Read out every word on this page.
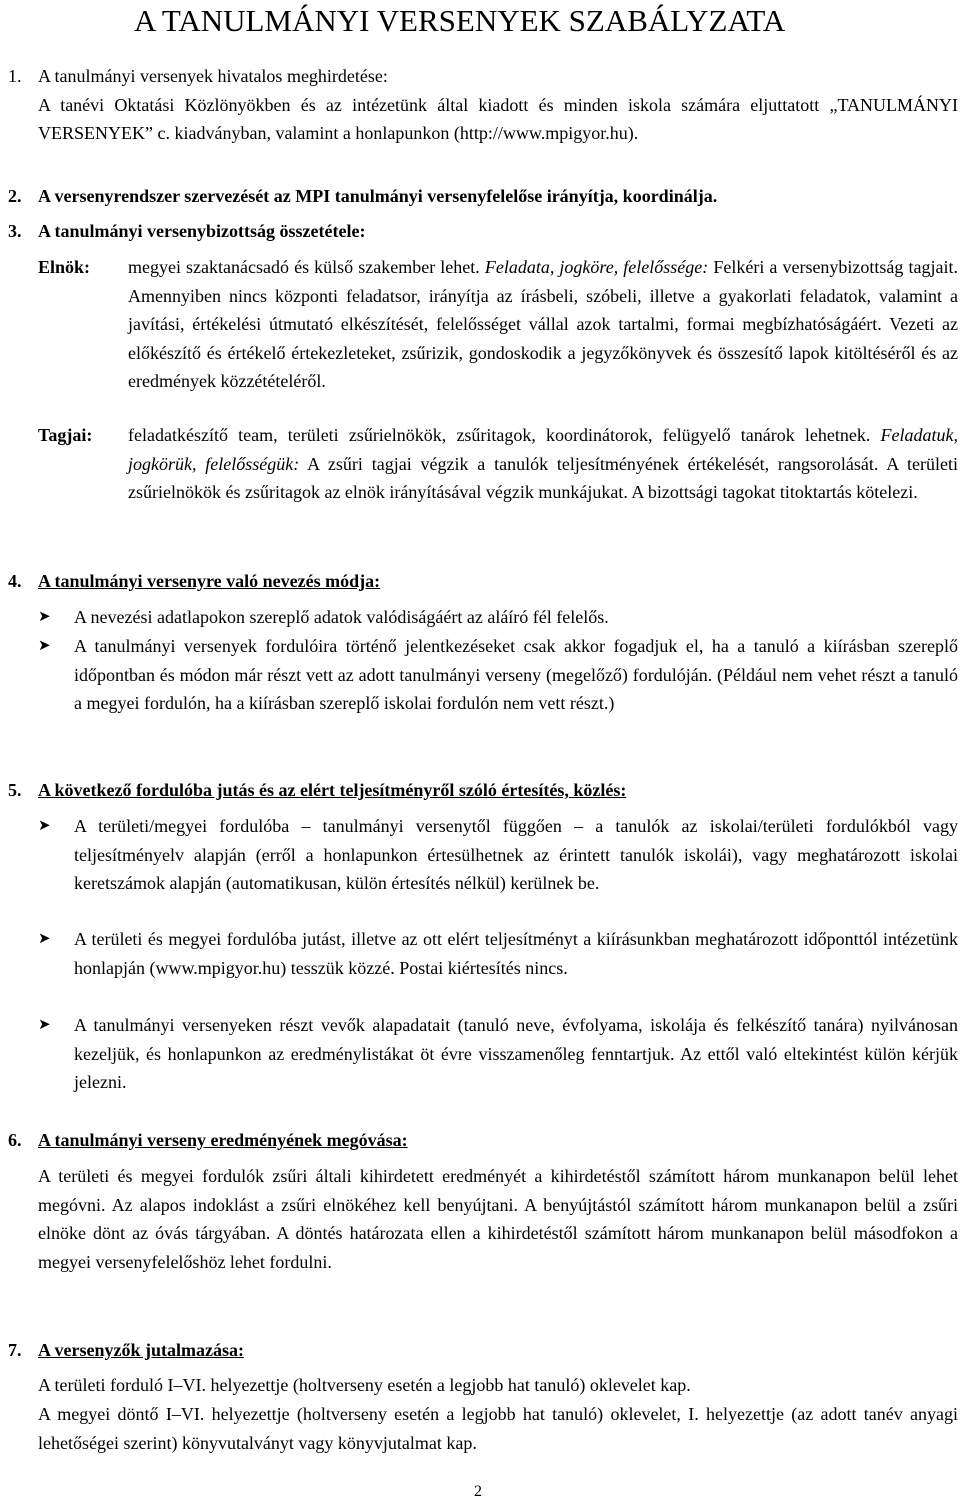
A TANULMÁNYI VERSENYEK SZABÁLYZATA
1. A tanulmányi versenyek hivatalos meghirdetése:
A tanévi Oktatási Közlönyökben és az intézetünk által kiadott és minden iskola számára eljuttatott „TANULMÁNYI VERSENYEK” c. kiadványban, valamint a honlapunkon (http://www.mpigyor.hu).
2. A versenyrendszer szervezését az MPI tanulmányi versenyfelelőse irányítja, koordinálja.
3. A tanulmányi versenybizottság összetétele:
Elnök:	megyei szaktanácsadó és külső szakember lehet. Feladata, jogköre, felelőssége: Felkéri a versenybizottság tagjait. Amennyiben nincs központi feladatsor, irányítja az írásbeli, szóbeli, illetve a gyakorlati feladatok, valamint a javítási, értékelési útmutató elkészítését, felelősséget vállal azok tartalmi, formai megbízhatóságáért. Vezeti az előkészítő és értékelő értekezleteket, zsűrizik, gondoskodik a jegyzőkönyvek és összesítő lapok kitöltéséről és az eredmények közzétételéről.
Tagjai:	feladatkészítő team, területi zsűrielnökök, zsűritagok, koordinátorok, felügyelő tanárok lehetnek. Feladatuk, jogkörük, felelősségük: A zsűri tagjai végzik a tanulók teljesítményének értékelését, rangsorolását. A területi zsűrielnökök és zsűritagok az elnök irányításával végzik munkájukat. A bizottsági tagokat titoktartás kötelezi.
4. A tanulmányi versenyre való nevezés módja:
➤	A nevezési adatlapokon szereplő adatok valódiságáért az aláíró fél felelős.
➤	A tanulmányi versenyek fordulóira történő jelentkezéseket csak akkor fogadjuk el, ha a tanuló a kiírásban szereplő időpontban és módon már részt vett az adott tanulmányi verseny (megelőző) fordulóján. (Például nem vehet részt a tanuló a megyei fordulón, ha a kiírásban szereplő iskolai fordulón nem vett részt.)
5. A következő fordulóba jutás és az elért teljesítményről szóló értesítés, közlés:
➤	A területi/megyei fordulóba – tanulmányi versenytől függően – a tanulók az iskolai/területi fordulókból vagy teljesítményelv alapján (erről a honlapunkon értesülhetnek az érintett tanulók iskolái), vagy meghatározott iskolai keretszámok alapján (automatikusan, külön értesítés nélkül) kerülnek be.
➤	A területi és megyei fordulóba jutást, illetve az ott elért teljesítményt a kiírásunkban meghatározott időponttól intézetünk honlapján (www.mpigyor.hu) tesszük közzé. Postai kiértesítés nincs.
➤	A tanulmányi versenyeken részt vevők alapadatait (tanuló neve, évfolyama, iskolája és felkészítő tanára) nyilvánosan kezeljük, és honlapunkon az eredménylistákat öt évre visszamenőleg fenntartjuk. Az ettől való eltekintést külön kérjük jelezni.
6. A tanulmányi verseny eredményének megóvása:
A területi és megyei fordulók zsűri általi kihirdetett eredményét a kihirdetéstől számított három munkanapon belül lehet megóvni. Az alapos indoklást a zsűri elnökéhez kell benyújtani. A benyújtástól számított három munkanapon belül a zsűri elnöke dönt az óvás tárgyában. A döntés határozata ellen a kihirdetéstől számított három munkanapon belül másodfokon a megyei versenyfelelőshöz lehet fordulni.
7. A versenyzők jutalmazása:
A területi forduló I–VI. helyezettje (holtverseny esetén a legjobb hat tanuló) oklevelet kap.
A megyei döntő I–VI. helyezettje (holtverseny esetén a legjobb hat tanuló) oklevelet, I. helyezettje (az adott tanév anyagi lehetőségei szerint) könyvutalványt vagy könyvjutalmat kap.
2
